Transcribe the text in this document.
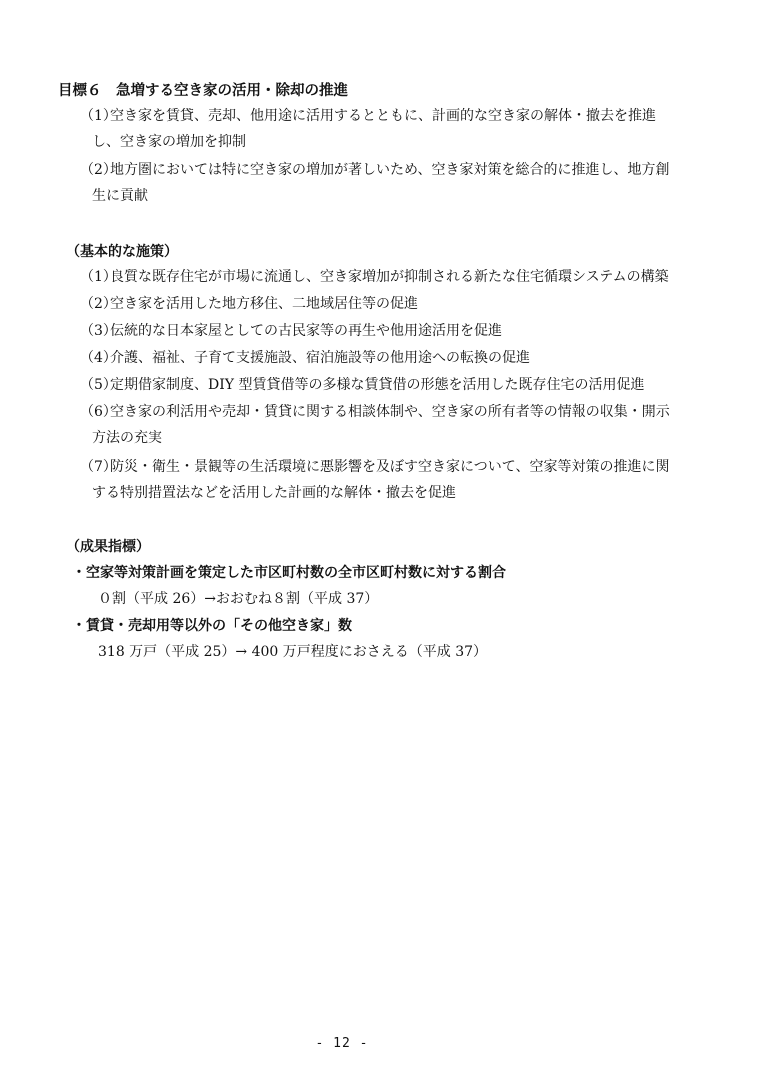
目標６　急増する空き家の活用・除却の推進
（1）空き家を賃貸、売却、他用途に活用するとともに、計画的な空き家の解体・撤去を推進
し、空き家の増加を抑制
（2）地方圏においては特に空き家の増加が著しいため、空き家対策を総合的に推進し、地方創
生に貢献
（基本的な施策）
（1）良質な既存住宅が市場に流通し、空き家増加が抑制される新たな住宅循環システムの構築
（2）空き家を活用した地方移住、二地域居住等の促進
（3）伝統的な日本家屋としての古民家等の再生や他用途活用を促進
（4）介護、福祉、子育て支援施設、宿泊施設等の他用途への転換の促進
（5）定期借家制度、DIY 型賃貸借等の多様な賃貸借の形態を活用した既存住宅の活用促進
（6）空き家の利活用や売却・賃貸に関する相談体制や、空き家の所有者等の情報の収集・開示
方法の充実
（7）防災・衛生・景観等の生活環境に悪影響を及ぼす空き家について、空家等対策の推進に関
する特別措置法などを活用した計画的な解体・撤去を促進
（成果指標）
・空家等対策計画を策定した市区町村数の全市区町村数に対する割合
０割（平成 26）→おおむね８割（平成 37）
・賃貸・売却用等以外の「その他空き家」数
318 万戸（平成 25）→ 400 万戸程度におさえる（平成 37）
- 12 -
